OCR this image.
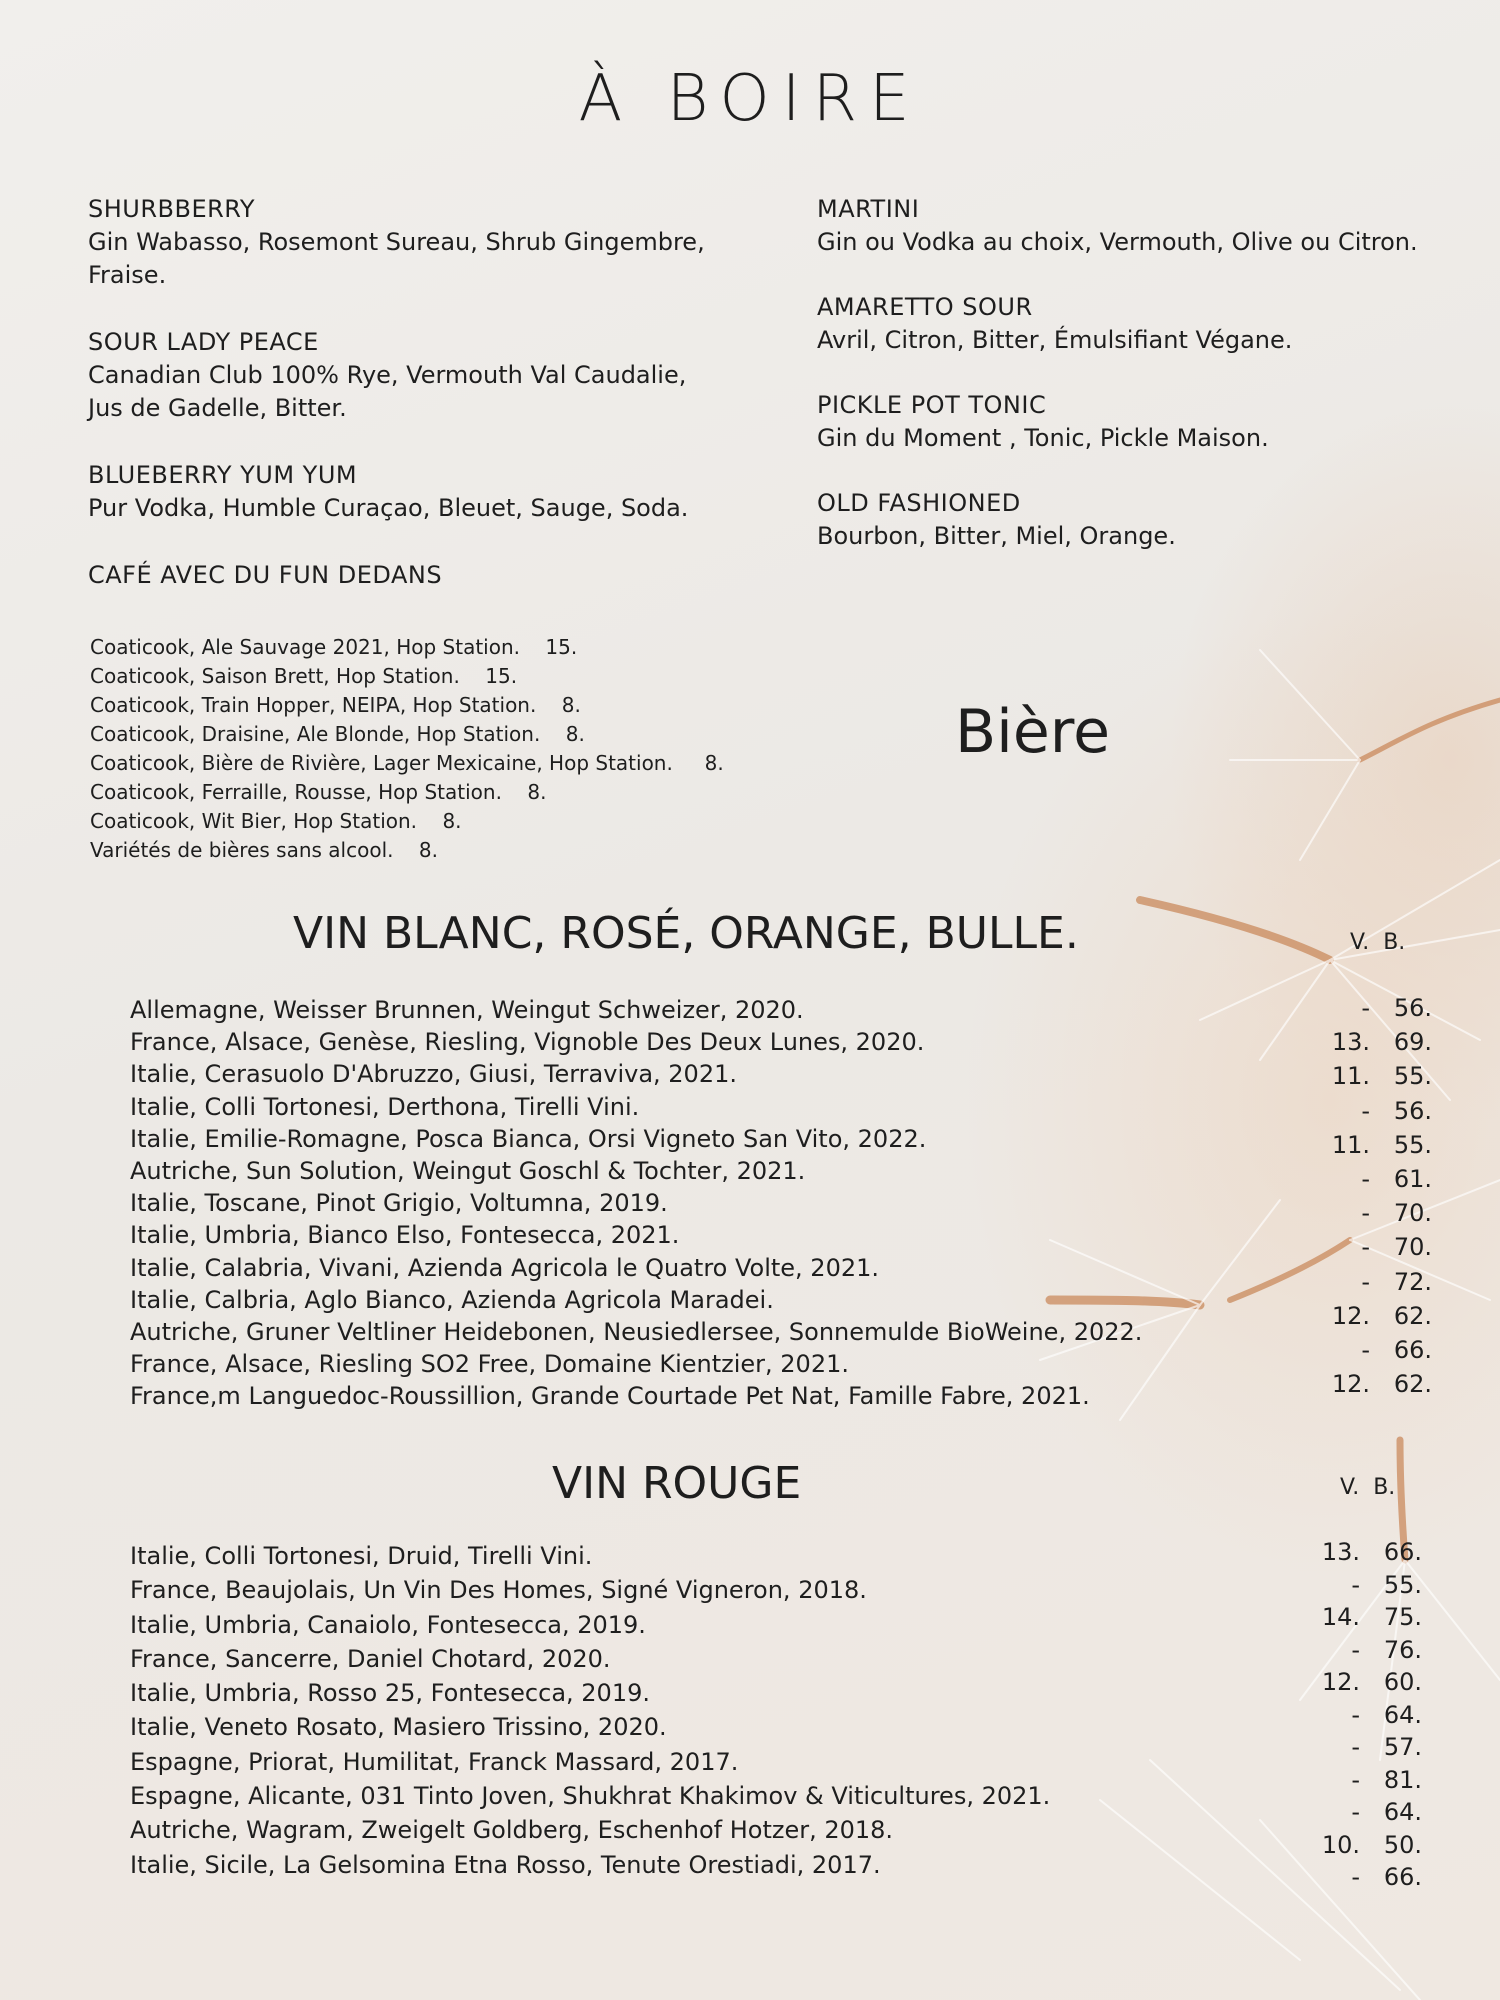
À BOIRE
SHURBBERRY
Gin Wabasso, Rosemont Sureau, Shrub Gingembre,
Fraise.
SOUR LADY PEACE
Canadian Club 100% Rye, Vermouth Val Caudalie,
Jus de Gadelle, Bitter.
BLUEBERRY YUM YUM
Pur Vodka, Humble Curaçao, Bleuet, Sauge, Soda.
CAFÉ AVEC DU FUN DEDANS
MARTINI
Gin ou Vodka au choix, Vermouth, Olive ou Citron.
AMARETTO SOUR
Avril, Citron, Bitter, Émulsifiant Végane.
PICKLE POT TONIC
Gin du Moment , Tonic, Pickle Maison.
OLD FASHIONED
Bourbon, Bitter, Miel, Orange.
Coaticook, Ale Sauvage 2021, Hop Station.    15.
Coaticook, Saison Brett, Hop Station.    15.
Coaticook, Train Hopper, NEIPA, Hop Station.    8.
Coaticook, Draisine, Ale Blonde, Hop Station.    8.
Coaticook, Bière de Rivière, Lager Mexicaine, Hop Station.     8.
Coaticook, Ferraille, Rousse, Hop Station.    8.
Coaticook, Wit Bier, Hop Station.    8.
Variétés de bières sans alcool.    8.
Bière
VIN BLANC, ROSÉ, ORANGE, BULLE.	V.  B.
Allemagne, Weisser Brunnen, Weingut Schweizer, 2020.
France, Alsace, Genèse, Riesling, Vignoble Des Deux Lunes, 2020.
Italie, Cerasuolo D'Abruzzo, Giusi, Terraviva, 2021.
Italie, Colli Tortonesi, Derthona, Tirelli Vini.
Italie, Emilie-Romagne, Posca Bianca, Orsi Vigneto San Vito, 2022.
Autriche, Sun Solution, Weingut Goschl & Tochter, 2021.
Italie, Toscane, Pinot Grigio, Voltumna, 2019.
Italie, Umbria, Bianco Elso, Fontesecca, 2021.
Italie, Calabria, Vivani, Azienda Agricola le Quatro Volte, 2021.
Italie, Calbria, Aglo Bianco, Azienda Agricola Maradei.
Autriche, Gruner Veltliner Heidebonen, Neusiedlersee, Sonnemulde BioWeine, 2022.
France, Alsace, Riesling SO2 Free, Domaine Kientzier, 2021.
France,m Languedoc-Roussillion, Grande Courtade Pet Nat, Famille Fabre, 2021.
- 56.
13. 69.
11. 55.
- 56.
11. 55.
- 61.
- 70.
- 70.
- 72.
12. 62.
- 66.
12. 62.
VIN ROUGE	V.  B.
Italie, Colli Tortonesi, Druid, Tirelli Vini.
France, Beaujolais, Un Vin Des Homes, Signé Vigneron, 2018.
Italie, Umbria, Canaiolo, Fontesecca, 2019.
France, Sancerre, Daniel Chotard, 2020.
Italie, Umbria, Rosso 25, Fontesecca, 2019.
Italie, Veneto Rosato, Masiero Trissino, 2020.
Espagne, Priorat, Humilitat, Franck Massard, 2017.
Espagne, Alicante, 031 Tinto Joven, Shukhrat Khakimov & Viticultures, 2021.
Autriche, Wagram, Zweigelt Goldberg, Eschenhof Hotzer, 2018.
Italie, Sicile, La Gelsomina Etna Rosso, Tenute Orestiadi, 2017.
13. 66.
- 55.
14. 75.
- 76.
12. 60.
- 64.
- 57.
- 81.
- 64.
10. 50.
- 66.
